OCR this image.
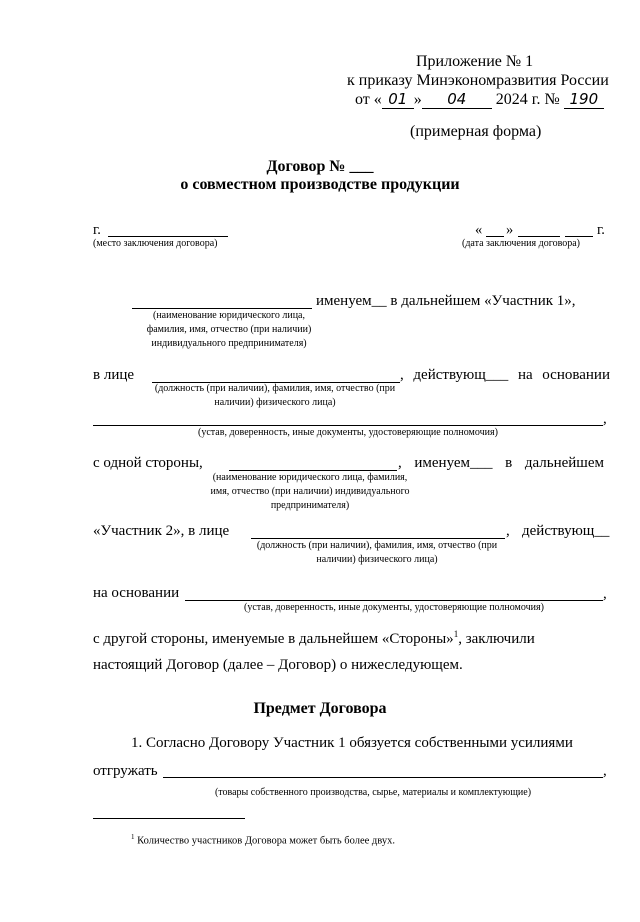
Приложение № 1
к приказу Минэкономразвития России
от « 01 » 04 2024 г. № 190
(примерная форма)
Договор № ___
о совместном производстве продукции
г.
(место заключения договора)
« »	г.
(дата заключения договора)
именуем__ в дальнейшем «Участник 1»,
(наименование юридического лица, фамилия, имя, отчество (при наличии) индивидуального предпринимателя)
в лице	, действующ___ на основании
(должность (при наличии), фамилия, имя, отчество (при наличии) физического лица)
,
(устав, доверенность, иные документы, удостоверяющие полномочия)
с одной стороны,	, именуем___ в дальнейшем
(наименование юридического лица, фамилия, имя, отчество (при наличии) индивидуального предпринимателя)
«Участник 2», в лице	, действующ__
(должность (при наличии), фамилия, имя, отчество (при наличии) физического лица)
на основании	,
(устав, доверенность, иные документы, удостоверяющие полномочия)
с другой стороны, именуемые в дальнейшем «Стороны»$^1$, заключили
настоящий Договор (далее – Договор) о нижеследующем.
Предмет Договора
1. Согласно Договору Участник 1 обязуется собственными усилиями
отгружать	,
(товары собственного производства, сырье, материалы и комплектующие)
$^1$ Количество участников Договора может быть более двух.
